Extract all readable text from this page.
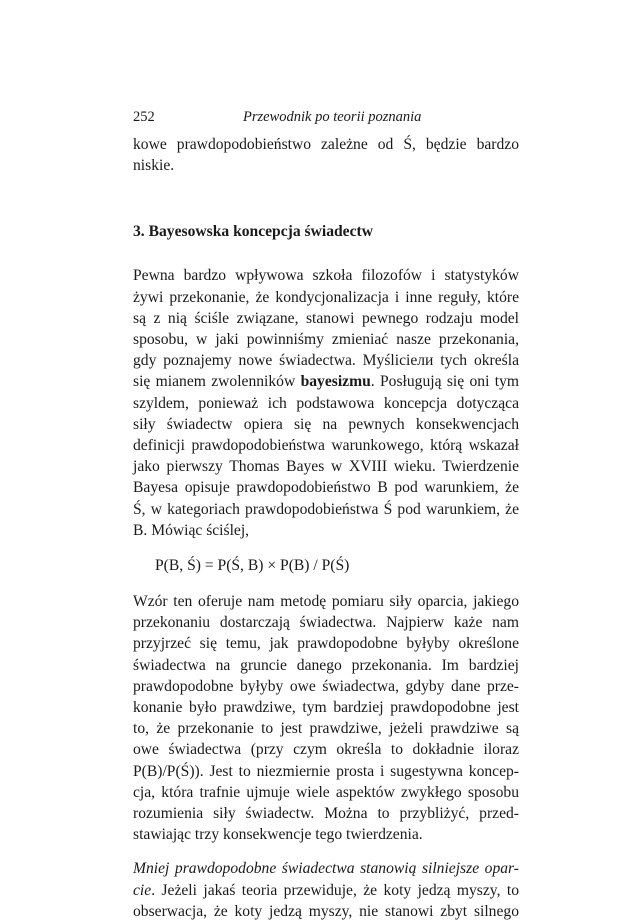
252	Przewodnik po teorii poznania

kowe prawdopodobieństwo zależne od Ś, będzie bardzo
niskie.

3. Bayesowska koncepcja świadectw

Pewna bardzo wpływowa szkoła filozofów i statystyków
żywi przekonanie, że kondycjonalizacja i inne reguły, które
są z nią ściśle związane, stanowi pewnego rodzaju model
sposobu, w jaki powinniśmy zmieniać nasze przekonania,
gdy poznajemy nowe świadectwa. Myśliciели tych określa
się mianem zwolenników bayesizmu. Posługują się oni tym
szyldem, ponieważ ich podstawowa koncepcja dotycząca
siły świadectw opiera się na pewnych konsekwencjach
definicji prawdopodobieństwa warunkowego, którą wskazał
jako pierwszy Thomas Bayes w XVIII wieku. Twierdzenie
Bayesa opisuje prawdopodobieństwo B pod warunkiem, że
Ś, w kategoriach prawdopodobieństwa Ś pod warunkiem, że
B. Mówiąc ściślej,

P(B, Ś) = P(Ś, B) × P(B) / P(Ś)

Wzór ten oferuje nam metodę pomiaru siły oparcia, jakiego
przekonaniu dostarczają świadectwa. Najpierw każe nam
przyjrzeć się temu, jak prawdopodobne byłyby określone
świadectwa na gruncie danego przekonania. Im bardziej
prawdopodobne byłyby owe świadectwa, gdyby dane prze-
konanie było prawdziwe, tym bardziej prawdopodobne jest
to, że przekonanie to jest prawdziwe, jeżeli prawdziwe są
owe świadectwa (przy czym określa to dokładnie iloraz
P(B)/P(Ś)). Jest to niezmiernie prosta i sugestywna koncep-
cja, która trafnie ujmuje wiele aspektów zwykłego sposobu
rozumienia siły świadectw. Można to przybliżyć, przed-
stawiając trzy konsekwencje tego twierdzenia.

Mniej prawdopodobne świadectwa stanowią silniejsze opar-
cie. Jeżeli jakaś teoria przewiduje, że koty jedzą myszy, to
obserwacja, że koty jedzą myszy, nie stanowi zbyt silnego
